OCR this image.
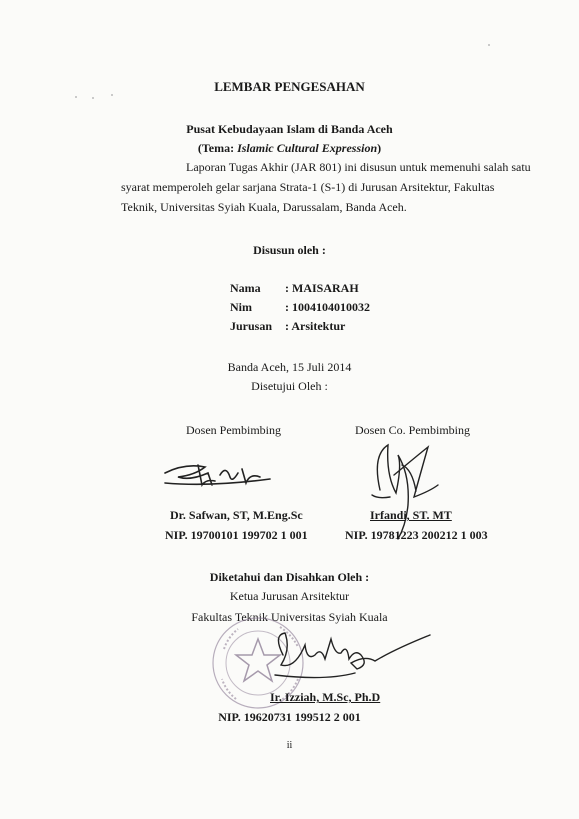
LEMBAR PENGESAHAN
Pusat Kebudayaan Islam di Banda Aceh
(Tema: Islamic Cultural Expression)
Laporan Tugas Akhir (JAR 801) ini disusun untuk memenuhi salah satu
syarat memperoleh gelar sarjana Strata-1 (S-1) di Jurusan Arsitektur, Fakultas
Teknik, Universitas Syiah Kuala, Darussalam, Banda Aceh.
Disusun oleh :
Nama : MAISARAH
Nim	: 1004104010032
Jurusan : Arsitektur
Banda Aceh, 15 Juli 2014
Disetujui Oleh :
Dosen Pembimbing	Dosen Co. Pembimbing
Dr. Safwan, ST, M.Eng.Sc	Irfandi, ST. MT
NIP. 19700101 199702 1 001	NIP. 19781223 200212 1 003
Diketahui dan Disahkan Oleh :
Ketua Jurusan Arsitektur
Fakultas Teknik Universitas Syiah Kuala
Ir. Izziah, M.Sc, Ph.D
NIP. 19620731 199512 2 001
ii
